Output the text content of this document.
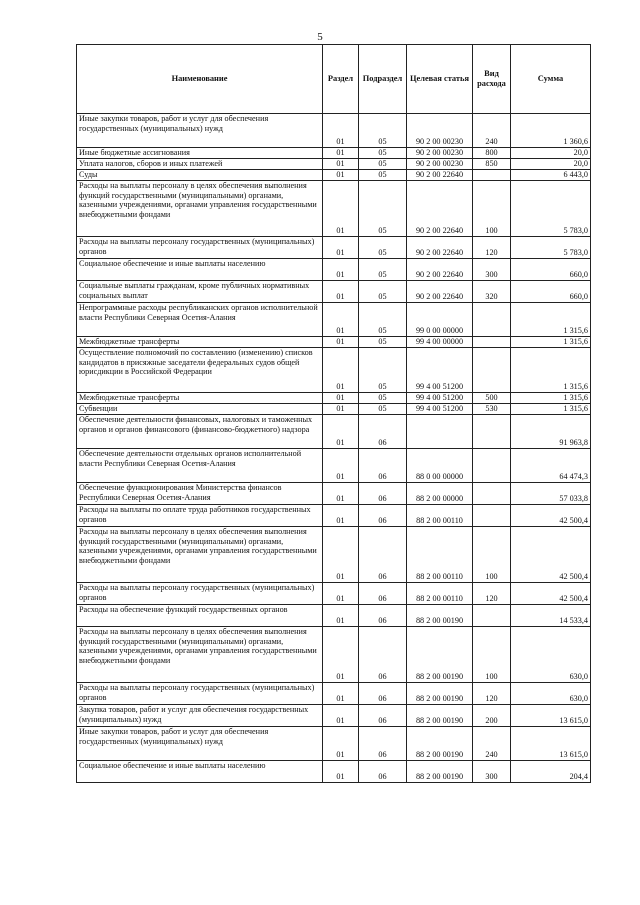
5
Наименование	Раздел	Подраздел	Целевая статья	Вид расхода	Сумма
Иные закупки товаров, работ и услуг для обеспечения государственных (муниципальных) нужд	01	05	90 2 00 00230	240	1 360,6
Иные бюджетные ассигнования	01	05	90 2 00 00230	800	20,0
Уплата налогов, сборов и иных платежей	01	05	90 2 00 00230	850	20,0
Суды	01	05	90 2 00 22640		6 443,0
Расходы на выплаты персоналу в целях обеспечения выполнения функций государственными (муниципальными) органами, казенными учреждениями, органами управления государственными внебюджетными фондами	01	05	90 2 00 22640	100	5 783,0
Расходы на выплаты персоналу государственных (муниципальных) органов	01	05	90 2 00 22640	120	5 783,0
Социальное обеспечение и иные выплаты населению	01	05	90 2 00 22640	300	660,0
Социальные выплаты гражданам, кроме публичных нормативных социальных выплат	01	05	90 2 00 22640	320	660,0
Непрограммные расходы республиканских органов исполнительной власти Республики Северная Осетия-Алания	01	05	99 0 00 00000		1 315,6
Межбюджетные трансферты	01	05	99 4 00 00000		1 315,6
Осуществление полномочий по составлению (изменению) списков кандидатов в присяжные заседатели федеральных судов общей юрисдикции в Российской Федерации	01	05	99 4 00 51200		1 315,6
Межбюджетные трансферты	01	05	99 4 00 51200	500	1 315,6
Субвенции	01	05	99 4 00 51200	530	1 315,6
Обеспечение деятельности финансовых, налоговых и таможенных органов и органов финансового (финансово-бюджетного) надзора	01	06			91 963,8
Обеспечение деятельности отдельных органов исполнительной власти Республики Северная Осетия-Алания	01	06	88 0 00 00000		64 474,3
Обеспечение функционирования Министерства финансов Республики Северная Осетия-Алания	01	06	88 2 00 00000		57 033,8
Расходы на выплаты по оплате труда работников государственных органов	01	06	88 2 00 00110		42 500,4
Расходы на выплаты персоналу в целях обеспечения выполнения функций государственными (муниципальными) органами, казенными учреждениями, органами управления государственными внебюджетными фондами	01	06	88 2 00 00110	100	42 500,4
Расходы на выплаты персоналу государственных (муниципальных) органов	01	06	88 2 00 00110	120	42 500,4
Расходы на обеспечение функций государственных органов	01	06	88 2 00 00190		14 533,4
Расходы на выплаты персоналу в целях обеспечения выполнения функций государственными (муниципальными) органами, казенными учреждениями, органами управления государственными внебюджетными фондами	01	06	88 2 00 00190	100	630,0
Расходы на выплаты персоналу государственных (муниципальных) органов	01	06	88 2 00 00190	120	630,0
Закупка товаров, работ и услуг для обеспечения государственных (муниципальных) нужд	01	06	88 2 00 00190	200	13 615,0
Иные закупки товаров, работ и услуг для обеспечения государственных (муниципальных) нужд	01	06	88 2 00 00190	240	13 615,0
Социальное обеспечение и иные выплаты населению	01	06	88 2 00 00190	300	204,4
